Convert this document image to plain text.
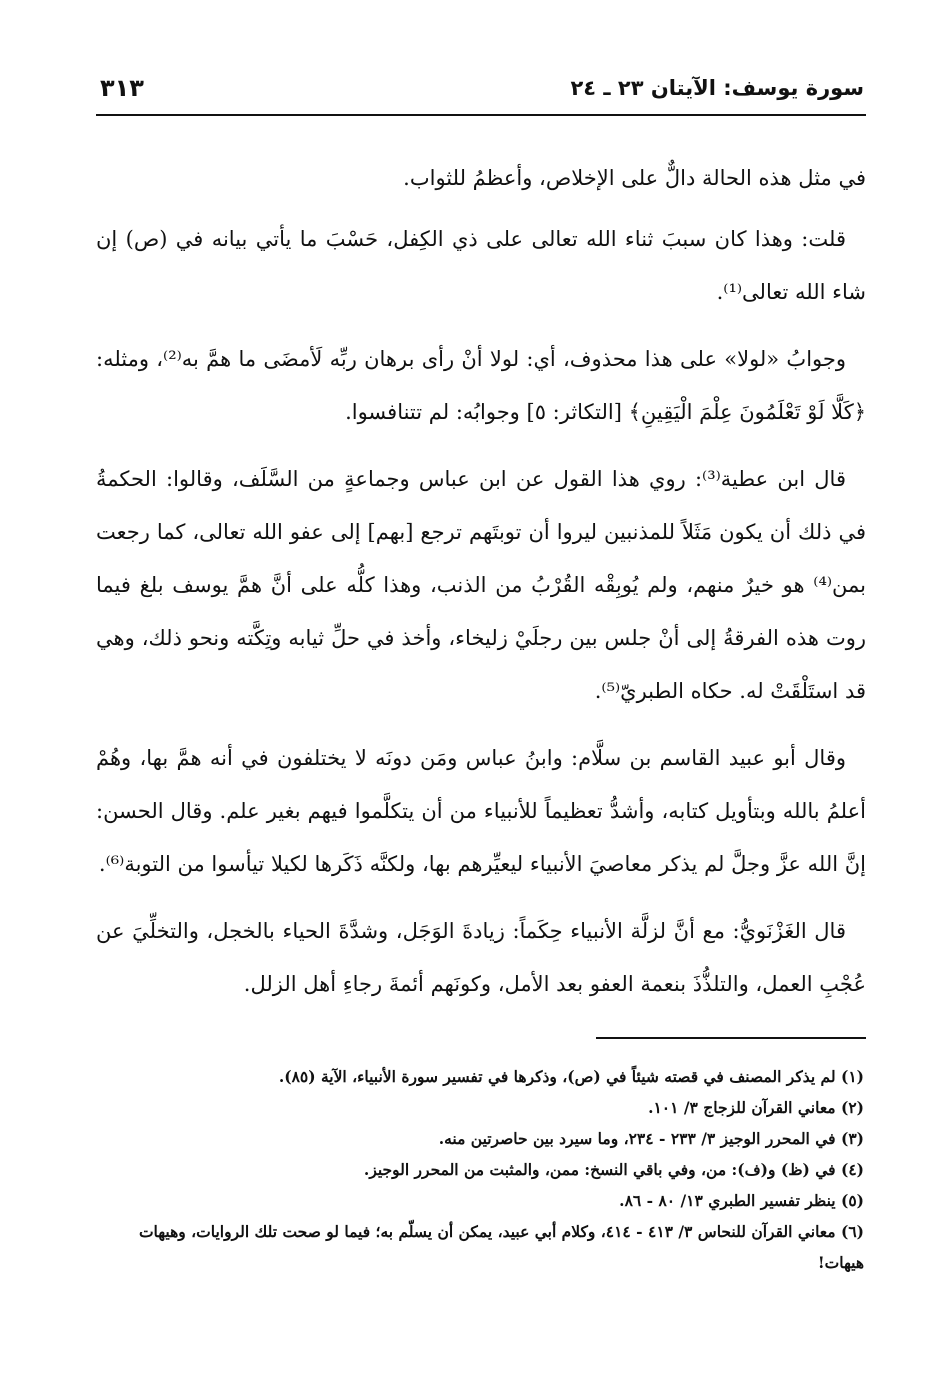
سورة يوسف: الآيتان ٢٣ ـ ٢٤
٣١٣

في مثل هذه الحالة دالٌّ على الإخلاص، وأعظمُ للثواب.

قلت: وهذا كان سببَ ثناء الله تعالى على ذي الكِفل، حَسْبَ ما يأتي بيانه في (ص) إن شاء الله تعالى⁽¹⁾.

وجوابُ «لولا» على هذا محذوف، أي: لولا أنْ رأى برهان ربِّه لَأمضَى ما همَّ به⁽²⁾، ومثله: ﴿كَلَّا لَوْ تَعْلَمُونَ عِلْمَ الْيَقِينِ﴾ [التكاثر: ٥] وجوابُه: لم تتنافسوا.

قال ابن عطية⁽³⁾: روي هذا القول عن ابن عباس وجماعةٍ من السَّلَف، وقالوا: الحكمةُ في ذلك أن يكون مَثَلاً للمذنبين ليروا أن توبتَهم ترجع [بهم] إلى عفو الله تعالى، كما رجعت بمن⁽⁴⁾ هو خيرٌ منهم، ولم يُوبِقْه القُرْبُ من الذنب، وهذا كلُّه على أنَّ همَّ يوسف بلغ فيما روت هذه الفرقةُ إلى أنْ جلس بين رجلَيْ زليخاء، وأخذ في حلِّ ثيابه وتِكَّته ونحو ذلك، وهي قد استَلْقَتْ له. حكاه الطبريّ⁽⁵⁾.

وقال أبو عبيد القاسم بن سلَّام: وابنُ عباس ومَن دونَه لا يختلفون في أنه همَّ بها، وهُمْ أعلمُ بالله وبتأويل كتابه، وأشدُّ تعظيماً للأنبياء من أن يتكلَّموا فيهم بغير علم. وقال الحسن: إنَّ الله عزَّ وجلَّ لم يذكر معاصيَ الأنبياء ليعيِّرهم بها، ولكنَّه ذَكَرها لكيلا تيأسوا من التوبة⁽⁶⁾.

قال الغَزْنَويُّ: مع أنَّ لزلَّة الأنبياء حِكَماً: زيادةَ الوَجَل، وشدَّةَ الحياء بالخجل، والتخلِّيَ عن عُجْبِ العمل، والتلذُّذَ بنعمة العفو بعد الأمل، وكونَهم أئمةَ رجاءِ أهل الزلل.

(١) لم يذكر المصنف في قصته شيئاً في (ص)، وذكرها في تفسير سورة الأنبياء، الآية (٨٥).

(٢) معاني القرآن للزجاج ٣/ ١٠١.

(٣) في المحرر الوجيز ٣/ ٢٣٣ - ٢٣٤، وما سيرد بين حاصرتين منه.

(٤) في (ظ) و(ف): من، وفي باقي النسخ: ممن، والمثبت من المحرر الوجيز.

(٥) ينظر تفسير الطبري ١٣/ ٨٠ - ٨٦.

(٦) معاني القرآن للنحاس ٣/ ٤١٣ - ٤١٤، وكلام أبي عبيد، يمكن أن يسلّم به؛ فيما لو صحت تلك الروايات، وهيهات هيهات!
